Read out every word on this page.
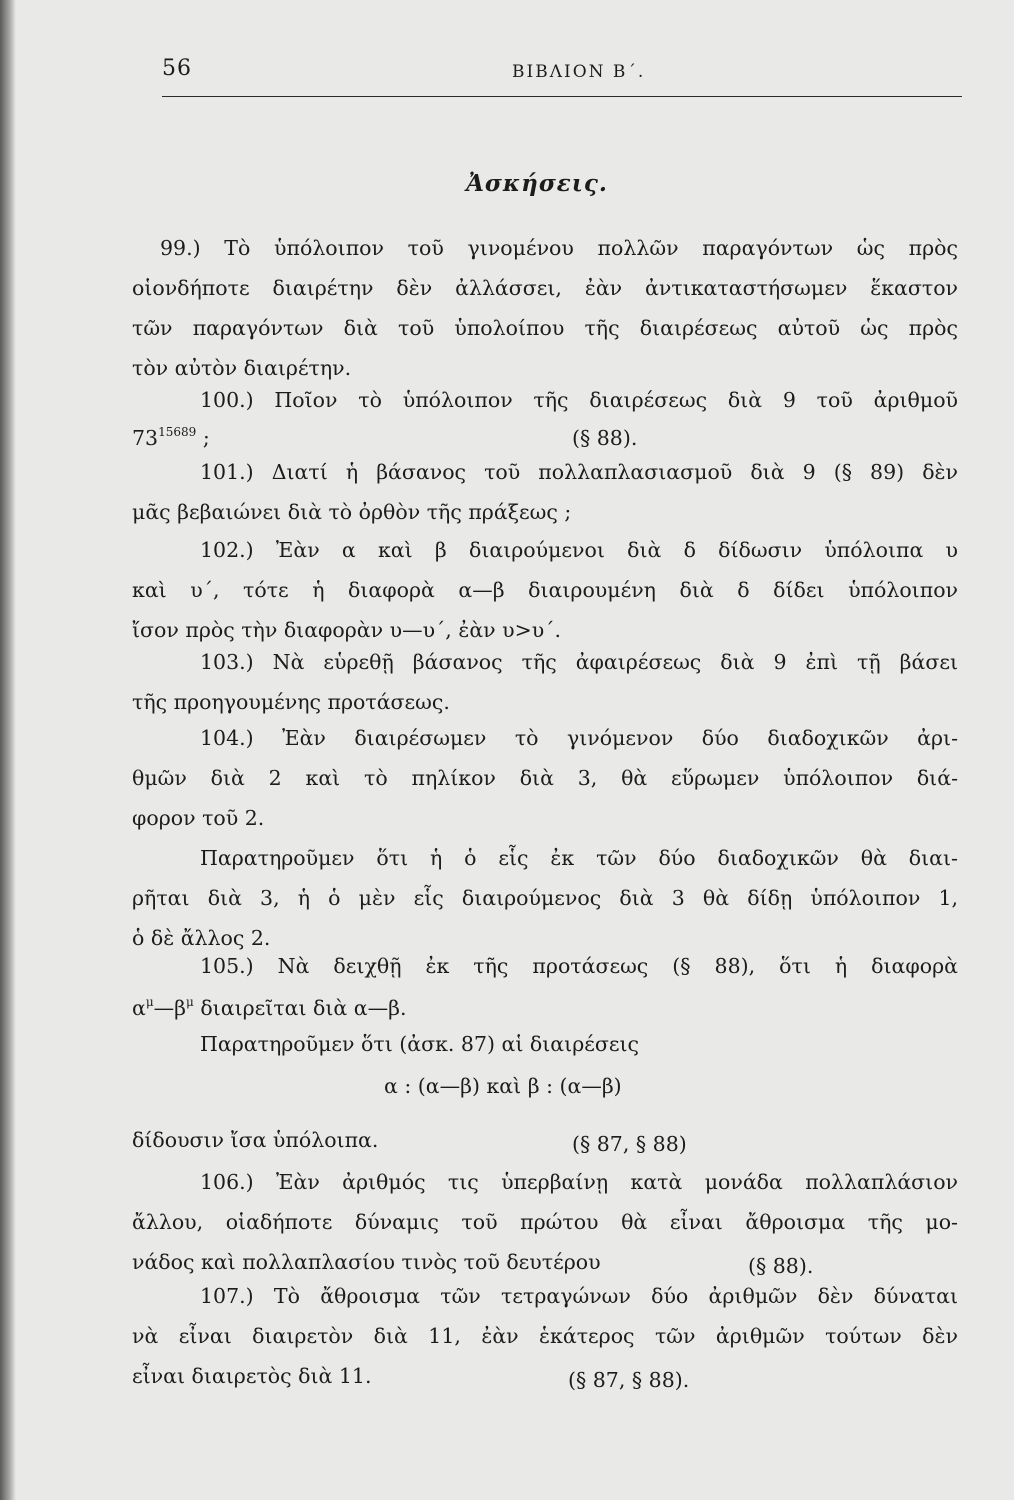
56	ΒΙΒΛΙΟΝ Β΄.
Ἀσκήσεις.
99.) Τὸ ὑπόλοιπον τοῦ γινομένου πολλῶν παραγόντων ὡς πρὸς
οἱονδήποτε διαιρέτην δὲν ἀλλάσσει, ἐὰν ἀντικαταστήσωμεν ἕκαστον
τῶν παραγόντων διὰ τοῦ ὑπολοίπου τῆς διαιρέσεως αὐτοῦ ὡς πρὸς
τὸν αὐτὸν διαιρέτην.
100.) Ποῖον τὸ ὑπόλοιπον τῆς διαιρέσεως διὰ 9 τοῦ ἀριθμοῦ
$73^{15689}$ ;	(§ 88).
101.) Διατί ἡ βάσανος τοῦ πολλαπλασιασμοῦ διὰ 9 (§ 89) δὲν
μᾶς βεβαιώνει διὰ τὸ ὀρθὸν τῆς πράξεως ;
102.) Ἐὰν α καὶ β διαιρούμενοι διὰ δ δίδωσιν ὑπόλοιπα υ
καὶ υ΄, τότε ἡ διαφορὰ α—β διαιρουμένη διὰ δ δίδει ὑπόλοιπον
ἴσον πρὸς τὴν διαφορὰν υ—υ΄, ἐὰν υ>υ΄.
103.) Νὰ εὑρεθῇ βάσανος τῆς ἀφαιρέσεως διὰ 9 ἐπὶ τῇ βάσει
τῆς προηγουμένης προτάσεως.
104.) Ἐὰν διαιρέσωμεν τὸ γινόμενον δύο διαδοχικῶν ἀρι-
θμῶν διὰ 2 καὶ τὸ πηλίκον διὰ 3, θὰ εὕρωμεν ὑπόλοιπον διά-
φορον τοῦ 2.
Παρατηροῦμεν ὅτι ἡ ὁ εἷς ἐκ τῶν δύο διαδοχικῶν θὰ διαι-
ρῆται διὰ 3, ἡ ὁ μὲν εἷς διαιρούμενος διὰ 3 θὰ δίδῃ ὑπόλοιπον 1,
ὁ δὲ ἄλλος 2.
105.) Νὰ δειχθῇ ἐκ τῆς προτάσεως (§ 88), ὅτι ἡ διαφορὰ
$\alpha^\mu—\beta^\mu$ διαιρεῖται διὰ α—β.
Παρατηροῦμεν ὅτι (ἀσκ. 87) αἱ διαιρέσεις
α : (α—β) καὶ β : (α—β)
δίδουσιν ἴσα ὑπόλοιπα.	(§ 87, § 88)
106.) Ἐὰν ἀριθμός τις ὑπερβαίνῃ κατὰ μονάδα πολλαπλάσιον
ἄλλου, οἱαδήποτε δύναμις τοῦ πρώτου θὰ εἶναι ἄθροισμα τῆς μο-
νάδος καὶ πολλαπλασίου τινὸς τοῦ δευτέρου	(§ 88).
107.) Τὸ ἄθροισμα τῶν τετραγώνων δύο ἀριθμῶν δὲν δύναται
νὰ εἶναι διαιρετὸν διὰ 11, ἐὰν ἑκάτερος τῶν ἀριθμῶν τούτων δὲν
εἶναι διαιρετὸς διὰ 11.	(§ 87, § 88).
